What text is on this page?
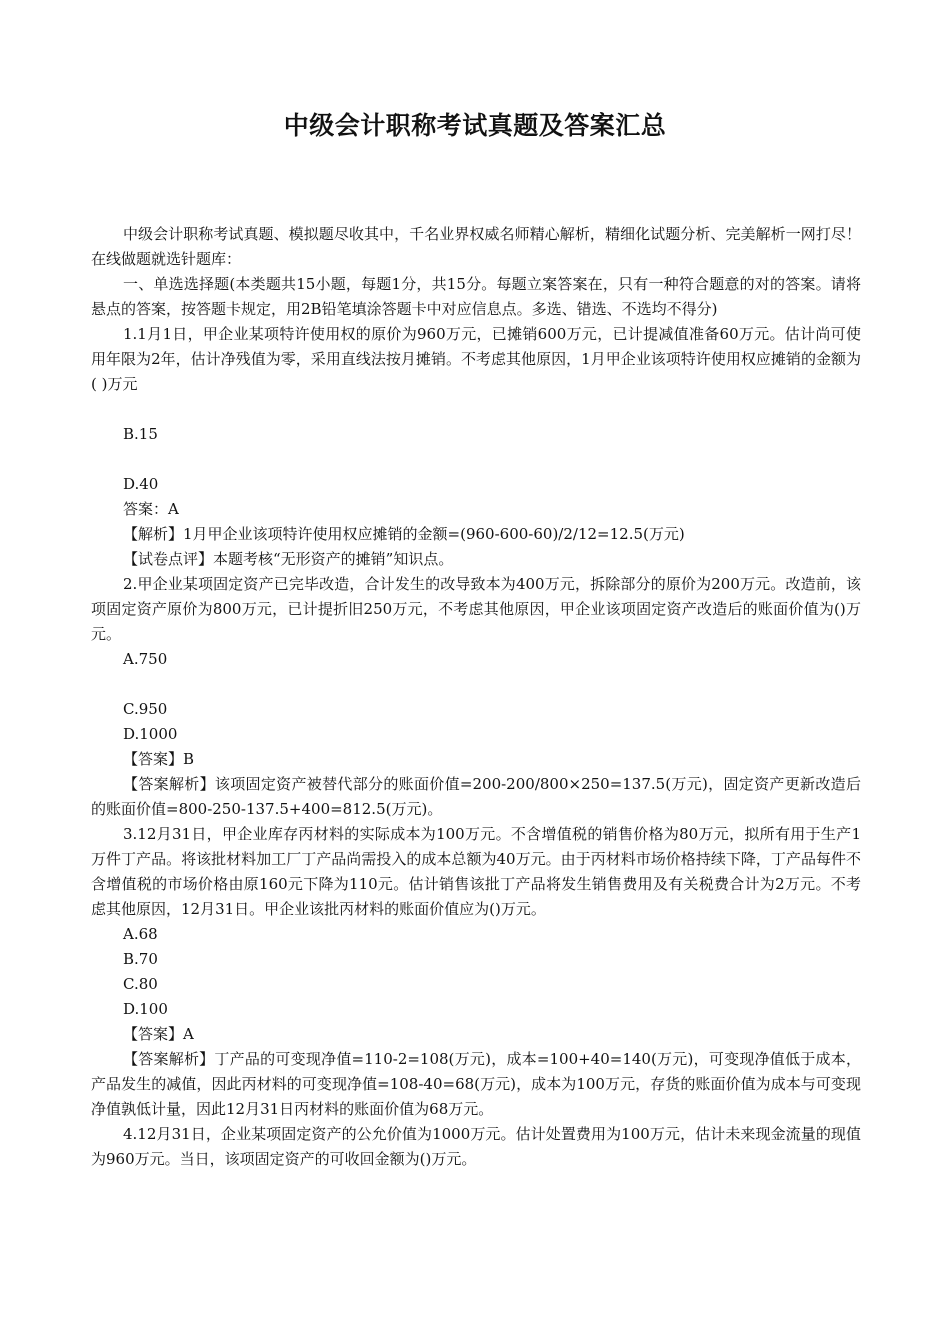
中级会计职称考试真题及答案汇总

中级会计职称考试真题、模拟题尽收其中，千名业界权威名师精心解析，精细化试题分析、完美解析一网打尽！在线做题就选针题库：

一、单选选择题(本类题共15小题，每题1分，共15分。每题立案答案在，只有一种符合题意的对的答案。请将悬点的答案，按答题卡规定，用2B铅笔填涂答题卡中对应信息点。多选、错选、不选均不得分)

1.1月1日，甲企业某项特许使用权的原价为960万元，已摊销600万元，已计提减值准备60万元。估计尚可使用年限为2年，估计净残值为零，采用直线法按月摊销。不考虑其他原因，1月甲企业该项特许使用权应摊销的金额为( )万元

B.15

D.40

答案：A

【解析】1月甲企业该项特许使用权应摊销的金额=(960-600-60)/2/12=12.5(万元)

【试卷点评】本题考核“无形资产的摊销”知识点。

2.甲企业某项固定资产已完毕改造，合计发生的改导致本为400万元，拆除部分的原价为200万元。改造前，该项固定资产原价为800万元，已计提折旧250万元，不考虑其他原因，甲企业该项固定资产改造后的账面价值为()万元。

A.750

C.950

D.1000

【答案】B

【答案解析】该项固定资产被替代部分的账面价值=200-200/800×250=137.5(万元)，固定资产更新改造后的账面价值=800-250-137.5+400=812.5(万元)。

3.12月31日，甲企业库存丙材料的实际成本为100万元。不含增值税的销售价格为80万元，拟所有用于生产1万件丁产品。将该批材料加工厂丁产品尚需投入的成本总额为40万元。由于丙材料市场价格持续下降，丁产品每件不含增值税的市场价格由原160元下降为110元。估计销售该批丁产品将发生销售费用及有关税费合计为2万元。不考虑其他原因，12月31日。甲企业该批丙材料的账面价值应为()万元。

A.68

B.70

C.80

D.100

【答案】A

【答案解析】丁产品的可变现净值=110-2=108(万元)，成本=100+40=140(万元)，可变现净值低于成本，产品发生的减值，因此丙材料的可变现净值=108-40=68(万元)，成本为100万元，存货的账面价值为成本与可变现净值孰低计量，因此12月31日丙材料的账面价值为68万元。

4.12月31日，企业某项固定资产的公允价值为1000万元。估计处置费用为100万元，估计未来现金流量的现值为960万元。当日，该项固定资产的可收回金额为()万元。
